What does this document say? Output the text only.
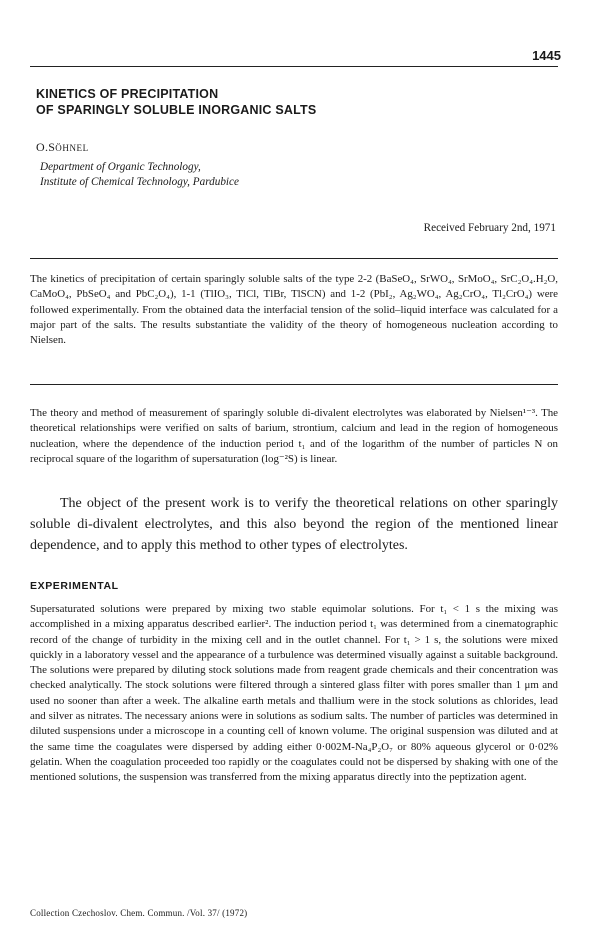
1445
KINETICS OF PRECIPITATION
OF SPARINGLY SOLUBLE INORGANIC SALTS
O.SÖHNEL
Department of Organic Technology,
Institute of Chemical Technology, Pardubice
Received February 2nd, 1971

The kinetics of precipitation of certain sparingly soluble salts of the type 2-2 (BaSeO₄, SrWO₄, SrMoO₄, SrC₂O₄.H₂O, CaMoO₄, PbSeO₄ and PbC₂O₄), 1-1 (TlIO₃, TlCl, TlBr, TlSCN) and 1-2 (PbI₂, Ag₂WO₄, Ag₂CrO₄, Tl₂CrO₄) were followed experimentally. From the obtained data the interfacial tension of the solid–liquid interface was calculated for a major part of the salts. The results substantiate the validity of the theory of homogeneous nucleation according to Nielsen.

The theory and method of measurement of sparingly soluble di-divalent electrolytes was elaborated by Nielsen¹⁻³. The theoretical relationships were verified on salts of barium, strontium, calcium and lead in the region of homogeneous nucleation, where the dependence of the induction period t₁ and of the logarithm of the number of particles N on reciprocal square of the logarithm of supersaturation (log⁻²S) is linear.

The object of the present work is to verify the theoretical relations on other sparingly soluble di-divalent electrolytes, and this also beyond the region of the mentioned linear dependence, and to apply this method to other types of electrolytes.

EXPERIMENTAL

Supersaturated solutions were prepared by mixing two stable equimolar solutions. For t₁ < 1 s the mixing was accomplished in a mixing apparatus described earlier². The induction period t₁ was determined from a cinematographic record of the change of turbidity in the mixing cell and in the outlet channel. For t₁ > 1 s, the solutions were mixed quickly in a laboratory vessel and the appearance of a turbulence was determined visually against a suitable background. The solutions were prepared by diluting stock solutions made from reagent grade chemicals and their concentration was checked analytically. The stock solutions were filtered through a sintered glass filter with pores smaller than 1 μm and used no sooner than after a week. The alkaline earth metals and thallium were in the stock solutions as chlorides, lead and silver as nitrates. The necessary anions were in solutions as sodium salts. The number of particles was determined in diluted suspensions under a microscope in a counting cell of known volume. The original suspension was diluted and at the same time the coagulates were dispersed by adding either 0·002M-Na₄P₂O₇ or 80% aqueous glycerol or 0·02% gelatin. When the coagulation proceeded too rapidly or the coagulates could not be dispersed by shaking with one of the mentioned solutions, the suspension was transferred from the mixing apparatus directly into the peptization agent.

Collection Czechoslov. Chem. Commun. /Vol. 37/ (1972)
